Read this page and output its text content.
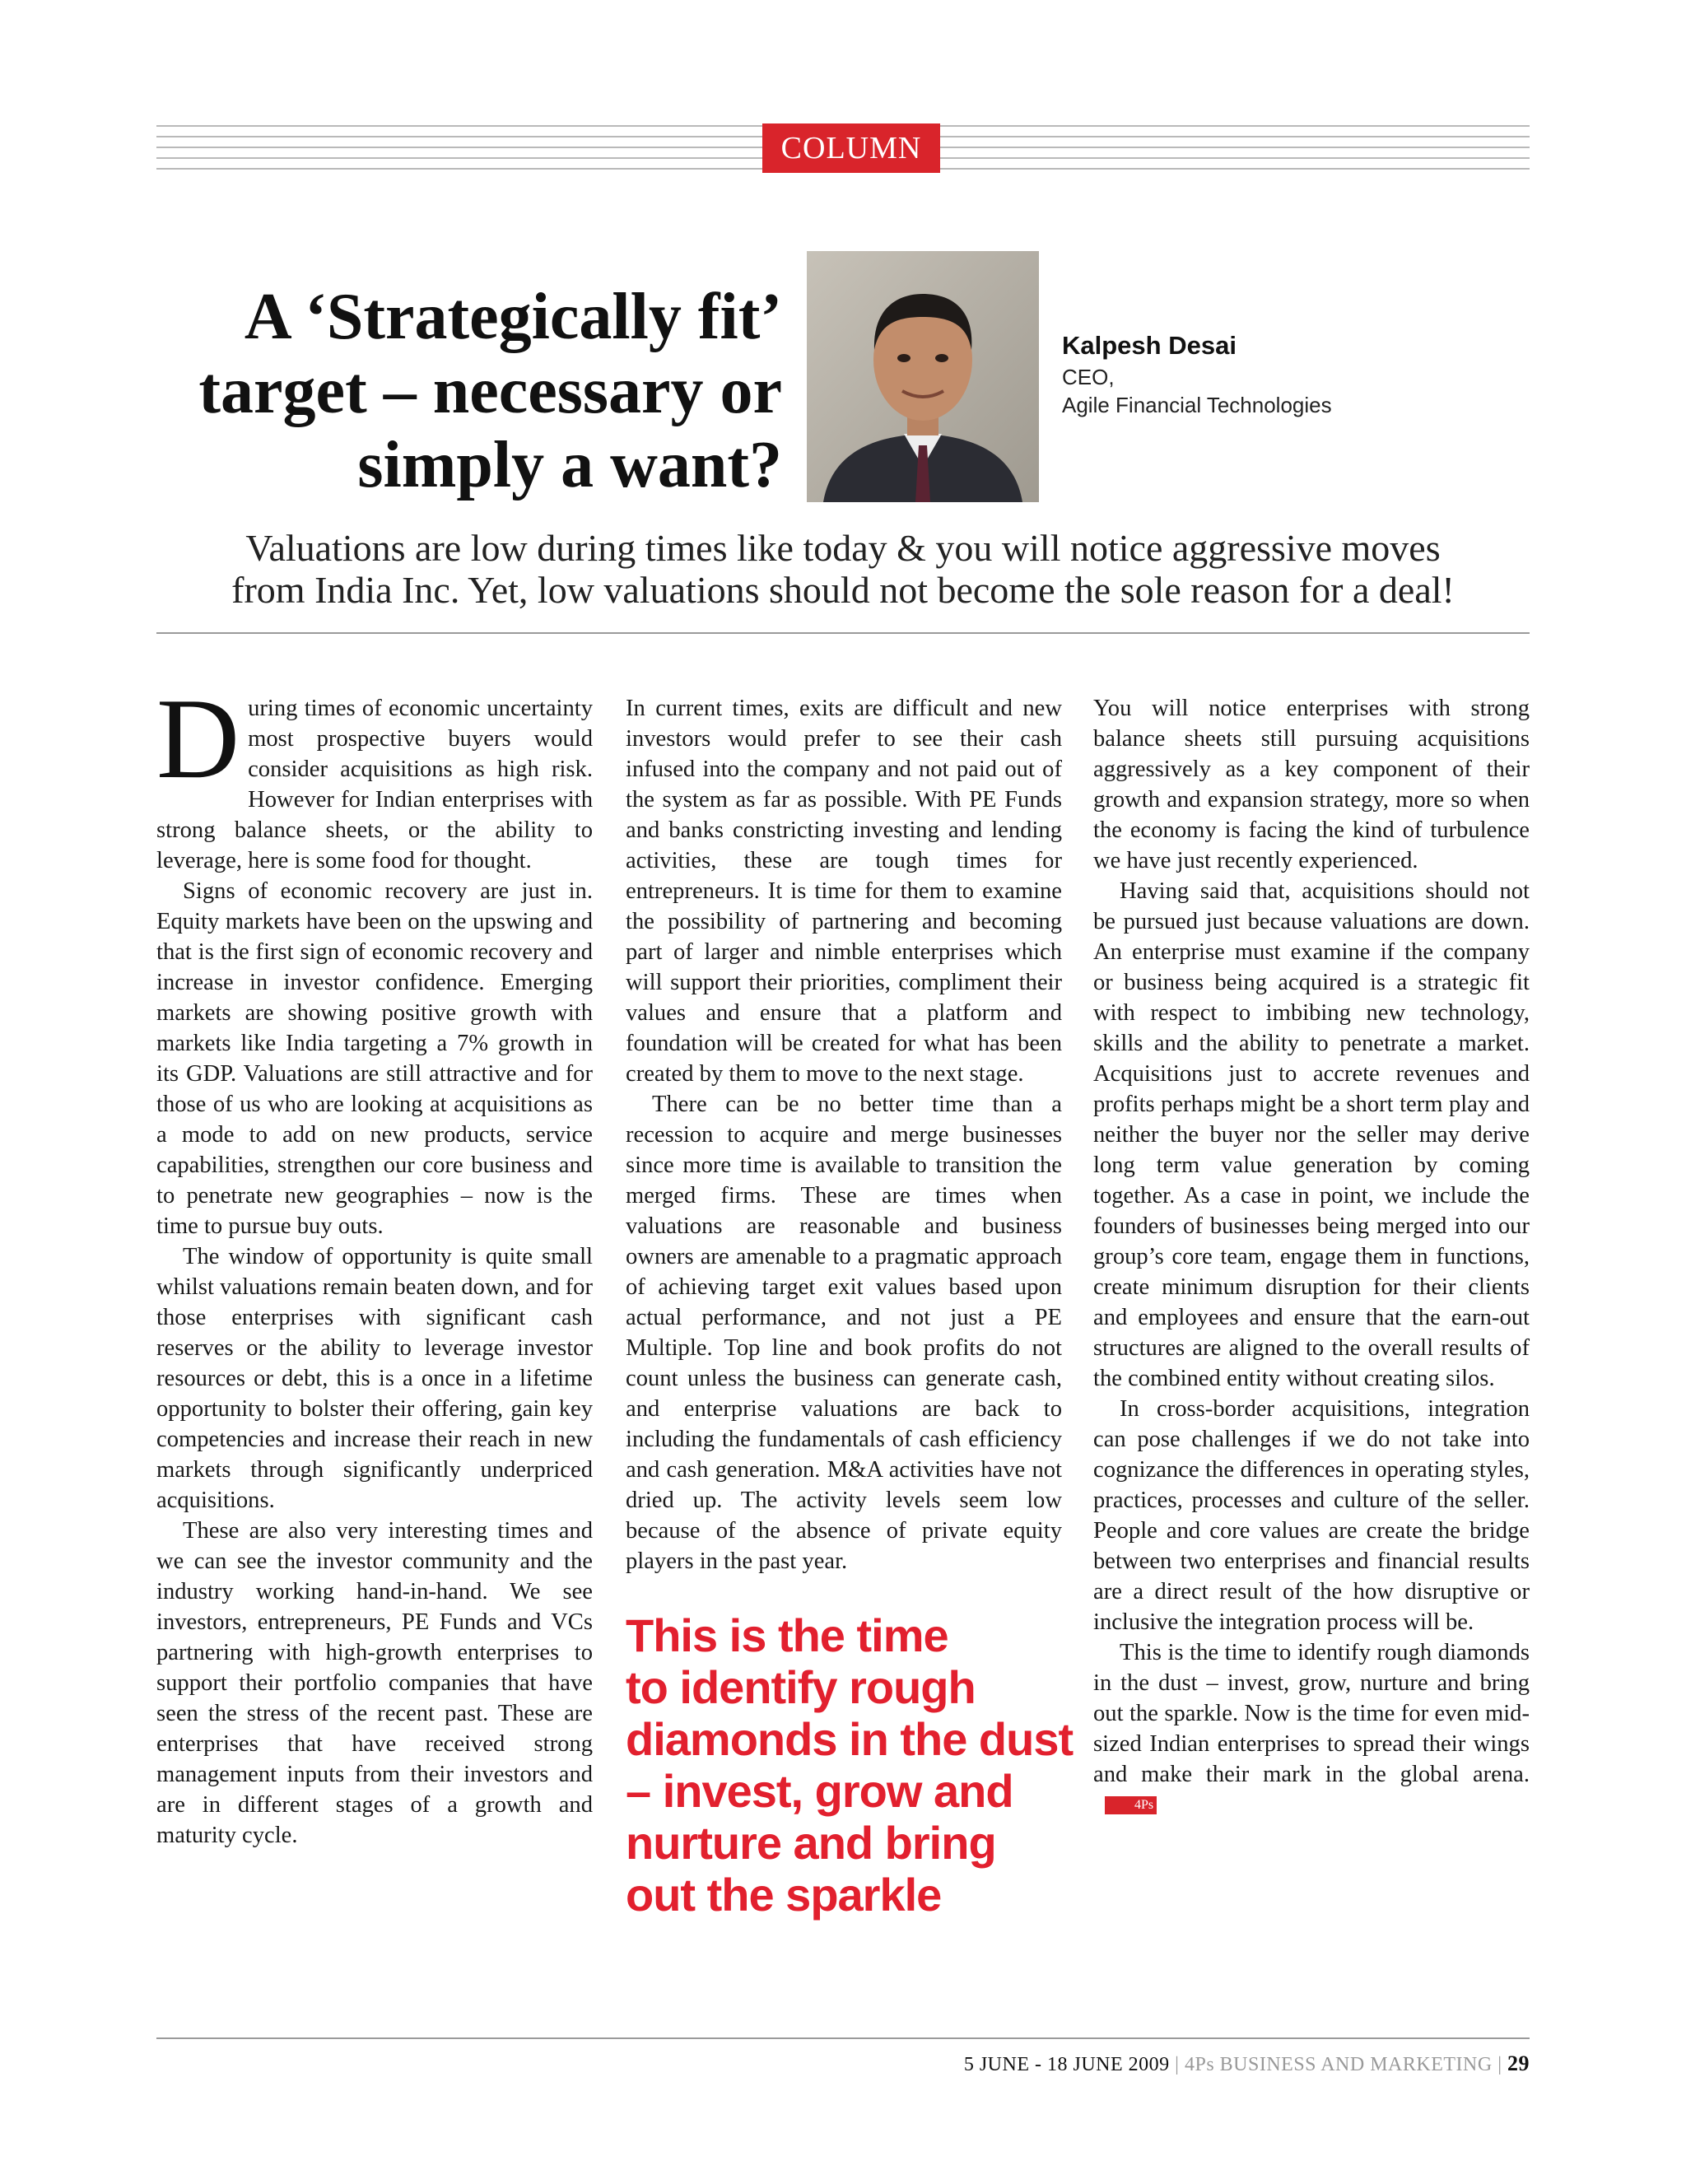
COLUMN
A ‘Strategically fit’
target – necessary or
simply a want?
Kalpesh Desai
CEO,
Agile Financial Technologies
Valuations are low during times like today & you will notice aggressive moves
from India Inc. Yet, low valuations should not become the sole reason for a deal!

During times of economic uncertainty most prospective buyers would consider acquisitions as high risk. However for Indian enterprises with strong balance sheets, or the ability to leverage, here is some food for thought.

Signs of economic recovery are just in. Equity markets have been on the upswing and that is the first sign of economic recovery and increase in investor confidence. Emerging markets are showing positive growth with markets like India targeting a 7% growth in its GDP. Valuations are still attractive and for those of us who are looking at acquisitions as a mode to add on new products, service capabilities, strengthen our core business and to penetrate new geographies – now is the time to pursue buy outs.

The window of opportunity is quite small whilst valuations remain beaten down, and for those enterprises with significant cash reserves or the ability to leverage investor resources or debt, this is a once in a lifetime opportunity to bolster their offering, gain key competencies and increase their reach in new markets through significantly underpriced acquisitions.

These are also very interesting times and we can see the investor community and the industry working hand-in-hand. We see investors, entrepreneurs, PE Funds and VCs partnering with high-growth enterprises to support their portfolio companies that have seen the stress of the recent past. These are enterprises that have received strong management inputs from their investors and are in different stages of a growth and maturity cycle.

In current times, exits are difficult and new investors would prefer to see their cash infused into the company and not paid out of the system as far as possible. With PE Funds and banks constricting investing and lending activities, these are tough times for entrepreneurs. It is time for them to examine the possibility of partnering and becoming part of larger and nimble enterprises which will support their priorities, compliment their values and ensure that a platform and foundation will be created for what has been created by them to move to the next stage.

There can be no better time than a recession to acquire and merge businesses since more time is available to transition the merged firms. These are times when valuations are reasonable and business owners are amenable to a pragmatic approach of achieving target exit values based upon actual performance, and not just a PE Multiple. Top line and book profits do not count unless the business can generate cash, and enterprise valuations are back to including the fundamentals of cash efficiency and cash generation. M&A activities have not dried up. The activity levels seem low because of the absence of private equity players in the past year.

This is the time
to identify rough
diamonds in the dust
– invest, grow and
nurture and bring
out the sparkle

You will notice enterprises with strong balance sheets still pursuing acquisitions aggressively as a key component of their growth and expansion strategy, more so when the economy is facing the kind of turbulence we have just recently experienced.

Having said that, acquisitions should not be pursued just because valuations are down. An enterprise must examine if the company or business being acquired is a strategic fit with respect to imbibing new technology, skills and the ability to penetrate a market. Acquisitions just to accrete revenues and profits perhaps might be a short term play and neither the buyer nor the seller may derive long term value generation by coming together. As a case in point, we include the founders of businesses being merged into our group’s core team, engage them in functions, create minimum disruption for their clients and employees and ensure that the earn-out structures are aligned to the overall results of the combined entity without creating silos.

In cross-border acquisitions, integration can pose challenges if we do not take into cognizance the differences in operating styles, practices, processes and culture of the seller. People and core values are create the bridge between two enterprises and financial results are a direct result of the how disruptive or inclusive the integration process will be.

This is the time to identify rough diamonds in the dust – invest, grow, nurture and bring out the sparkle. Now is the time for even mid-sized Indian enterprises to spread their wings and make their mark in the global arena.4Ps

5 JUNE - 18 JUNE 2009 | 4Ps BUSINESS AND MARKETING | 29
